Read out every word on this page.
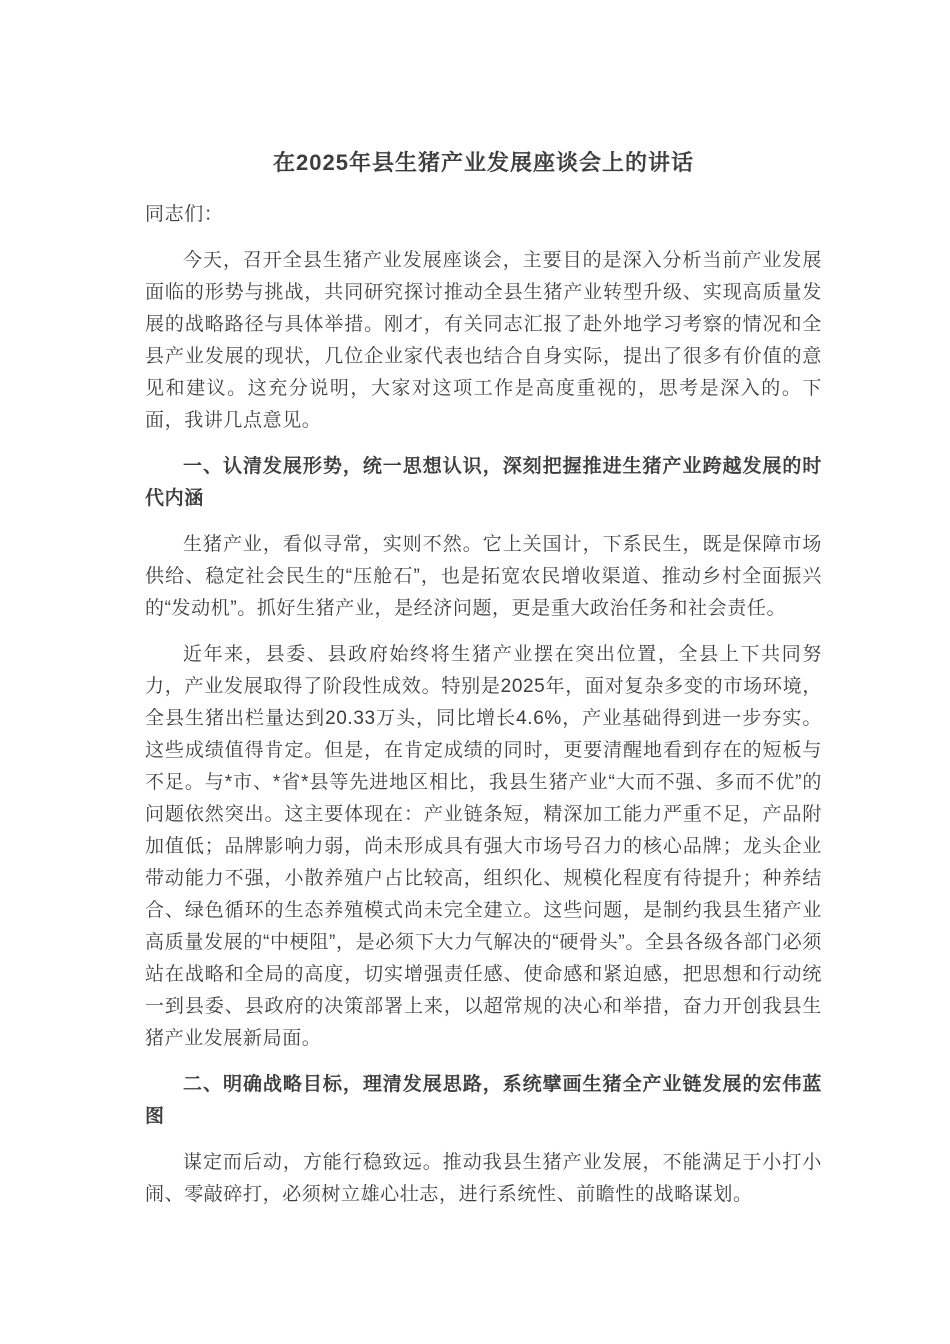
在2025年县生猪产业发展座谈会上的讲话

同志们：

今天，召开全县生猪产业发展座谈会，主要目的是深入分析当前产业发展面临的形势与挑战，共同研究探讨推动全县生猪产业转型升级、实现高质量发展的战略路径与具体举措。刚才，有关同志汇报了赴外地学习考察的情况和全县产业发展的现状，几位企业家代表也结合自身实际，提出了很多有价值的意见和建议。这充分说明，大家对这项工作是高度重视的，思考是深入的。下面，我讲几点意见。

一、认清发展形势，统一思想认识，深刻把握推进生猪产业跨越发展的时代内涵

生猪产业，看似寻常，实则不然。它上关国计，下系民生，既是保障市场供给、稳定社会民生的“压舱石”，也是拓宽农民增收渠道、推动乡村全面振兴的“发动机”。抓好生猪产业，是经济问题，更是重大政治任务和社会责任。

近年来，县委、县政府始终将生猪产业摆在突出位置，全县上下共同努力，产业发展取得了阶段性成效。特别是2025年，面对复杂多变的市场环境，全县生猪出栏量达到20.33万头，同比增长4.6%，产业基础得到进一步夯实。这些成绩值得肯定。但是，在肯定成绩的同时，更要清醒地看到存在的短板与不足。与*市、*省*县等先进地区相比，我县生猪产业“大而不强、多而不优”的问题依然突出。这主要体现在：产业链条短，精深加工能力严重不足，产品附加值低；品牌影响力弱，尚未形成具有强大市场号召力的核心品牌；龙头企业带动能力不强，小散养殖户占比较高，组织化、规模化程度有待提升；种养结合、绿色循环的生态养殖模式尚未完全建立。这些问题，是制约我县生猪产业高质量发展的“中梗阻”，是必须下大力气解决的“硬骨头”。全县各级各部门必须站在战略和全局的高度，切实增强责任感、使命感和紧迫感，把思想和行动统一到县委、县政府的决策部署上来，以超常规的决心和举措，奋力开创我县生猪产业发展新局面。

二、明确战略目标，理清发展思路，系统擘画生猪全产业链发展的宏伟蓝图

谋定而后动，方能行稳致远。推动我县生猪产业发展，不能满足于小打小闹、零敲碎打，必须树立雄心壮志，进行系统性、前瞻性的战略谋划。
